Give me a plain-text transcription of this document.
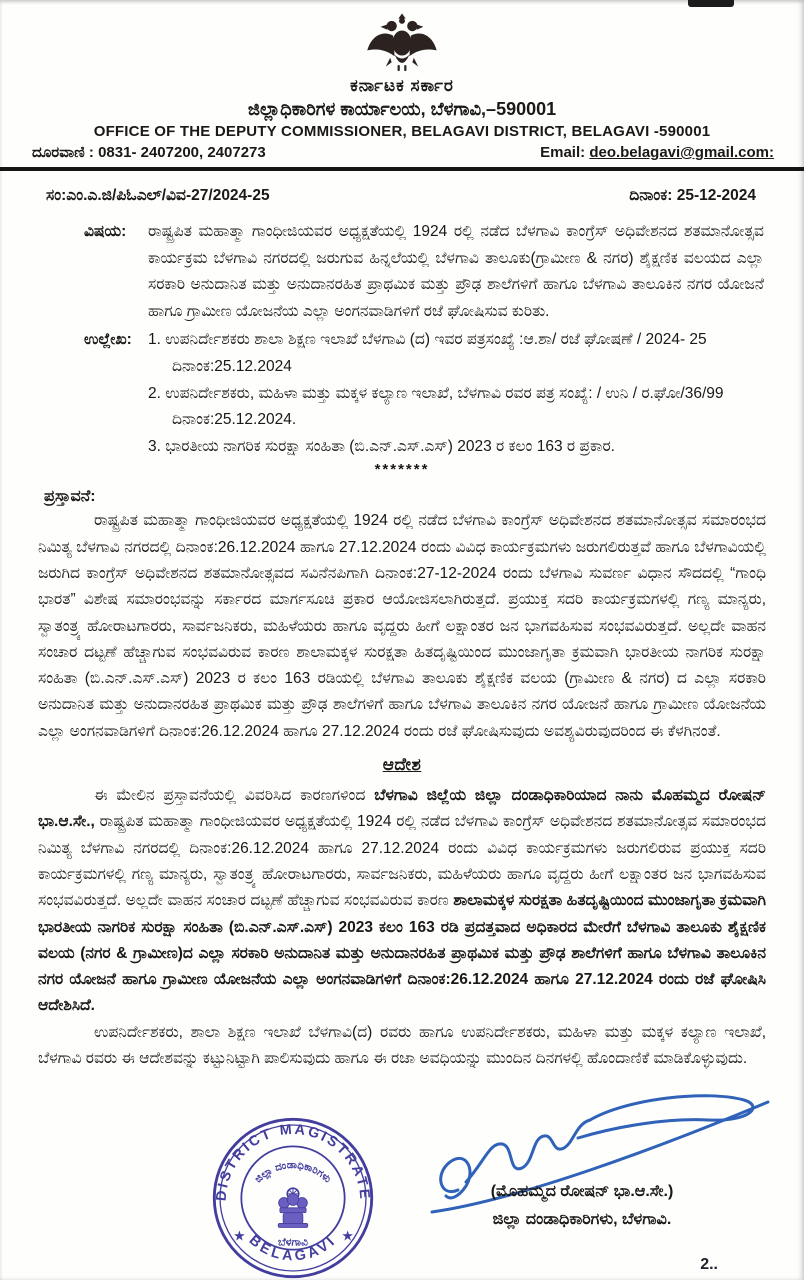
ಕರ್ನಾಟಕ ಸರ್ಕಾರ
ಜಿಲ್ಲಾಧಿಕಾರಿಗಳ ಕಾರ್ಯಾಲಯ, ಬೆಳಗಾವಿ,–590001
OFFICE OF THE DEPUTY COMMISSIONER, BELAGAVI DISTRICT, BELAGAVI -590001
ದೂರವಾಣಿ : 0831- 2407200, 2407273	Email: deo.belagavi@gmail.com:
ಸಂ:ಎಂ.ಎ.ಜಿ/ಪಿಓಎಲ್/ವಿವ-27/2024-25	ದಿನಾಂಕ: 25-12-2024
ವಿಷಯ:	ರಾಷ್ಟ್ರಪಿತ ಮಹಾತ್ಮಾ ಗಾಂಧೀಜಿಯವರ ಅಧ್ಯಕ್ಷತೆಯಲ್ಲಿ 1924 ರಲ್ಲಿ ನಡೆದ ಬೆಳಗಾವಿ ಕಾಂಗ್ರೆಸ್ ಅಧಿವೇಶನದ ಶತಮಾನೋತ್ಸವ ಕಾರ್ಯಕ್ರಮ ಬೆಳಗಾವಿ ನಗರದಲ್ಲಿ ಜರುಗುವ ಹಿನ್ನಲೆಯಲ್ಲಿ ಬೆಳಗಾವಿ ತಾಲೂಕು(ಗ್ರಾಮೀಣ & ನಗರ) ಶೈಕ್ಷಣಿಕ ವಲಯದ ಎಲ್ಲಾ ಸರಕಾರಿ ಅನುದಾನಿತ ಮತ್ತು ಅನುದಾನರಹಿತ ಪ್ರಾಥಮಿಕ ಮತ್ತು ಪ್ರೌಢ ಶಾಲೆಗಳಿಗೆ ಹಾಗೂ ಬೆಳಗಾವಿ ತಾಲೂಕಿನ ನಗರ ಯೋಜನೆ ಹಾಗೂ ಗ್ರಾಮೀಣ ಯೋಜನೆಯ ಎಲ್ಲಾ ಅಂಗನವಾಡಿಗಳಿಗೆ ರಜೆ ಘೋಷಿಸುವ ಕುರಿತು.
ಉಲ್ಲೇಖ:	1. ಉಪನಿರ್ದೇಶಕರು ಶಾಲಾ ಶಿಕ್ಷಣ ಇಲಾಖೆ ಬೆಳಗಾವಿ (ದ) ಇವರ ಪತ್ರಸಂಖ್ಯೆ :ಆ.ಶಾ/ ರಜೆ ಘೋಷಣೆ / 2024- 25 ದಿನಾಂಕ:25.12.2024
2. ಉಪನಿರ್ದೇಶಕರು, ಮಹಿಳಾ ಮತ್ತು ಮಕ್ಕಳ ಕಲ್ಯಾಣ ಇಲಾಖೆ, ಬೆಳಗಾವಿ ರವರ ಪತ್ರ ಸಂಖ್ಯೆ: / ಉನಿ / ರ.ಘೋ/36/99 ದಿನಾಂಕ:25.12.2024.
3. ಭಾರತೀಯ ನಾಗರಿಕ ಸುರಕ್ಷಾ ಸಂಹಿತಾ (ಬಿ.ಎನ್.ಎಸ್.ಎಸ್) 2023 ರ ಕಲಂ 163 ರ ಪ್ರಕಾರ.
*******
ಪ್ರಸ್ತಾವನೆ:
ರಾಷ್ಟ್ರಪಿತ ಮಹಾತ್ಮಾ ಗಾಂಧೀಜಿಯವರ ಅಧ್ಯಕ್ಷತೆಯಲ್ಲಿ 1924 ರಲ್ಲಿ ನಡೆದ ಬೆಳಗಾವಿ ಕಾಂಗ್ರೆಸ್ ಅಧಿವೇಶನದ ಶತಮಾನೋತ್ಸವ ಸಮಾರಂಭದ ನಿಮಿತ್ಯ ಬೆಳಗಾವಿ ನಗರದಲ್ಲಿ ದಿನಾಂಕ:26.12.2024 ಹಾಗೂ 27.12.2024 ರಂದು ವಿವಿಧ ಕಾರ್ಯಕ್ರಮಗಳು ಜರುಗಲಿರುತ್ತವೆ ಹಾಗೂ ಬೆಳಗಾವಿಯಲ್ಲಿ ಜರುಗಿದ ಕಾಂಗ್ರೆಸ್ ಅಧಿವೇಶನದ ಶತಮಾನೋತ್ಸವದ ಸವಿನೆನಪಿಗಾಗಿ ದಿನಾಂಕ:27-12-2024 ರಂದು ಬೆಳಗಾವಿ ಸುವರ್ಣ ವಿಧಾನ ಸೌದದಲ್ಲಿ “ಗಾಂಧಿ ಭಾರತ” ವಿಶೇಷ ಸಮಾರಂಭವನ್ನು ಸರ್ಕಾರದ ಮಾರ್ಗಸೂಚಿ ಪ್ರಕಾರ ಆಯೋಜಿಸಲಾಗಿರುತ್ತದೆ. ಪ್ರಯುಕ್ತ ಸದರಿ ಕಾರ್ಯಕ್ರಮಗಳಲ್ಲಿ ಗಣ್ಯ ಮಾನ್ಯರು, ಸ್ವಾತಂತ್ರ್ಯ ಹೋರಾಟಗಾರರು, ಸಾರ್ವಜನಿಕರು, ಮಹಿಳೆಯರು ಹಾಗೂ ವೃದ್ದರು ಹೀಗೆ ಲಕ್ಷಾಂತರ ಜನ ಭಾಗವಹಿಸುವ ಸಂಭವವಿರುತ್ತದೆ. ಅಲ್ಲದೇ ವಾಹನ ಸಂಚಾರ ದಟ್ಟಣೆ ಹೆಚ್ಚಾಗುವ ಸಂಭವವಿರುವ ಕಾರಣ ಶಾಲಾಮಕ್ಕಳ ಸುರಕ್ಷತಾ ಹಿತದೃಷ್ಟಿಯಿಂದ ಮುಂಜಾಗೃತಾ ಕ್ರಮವಾಗಿ ಭಾರತೀಯ ನಾಗರಿಕ ಸುರಕ್ಷಾ ಸಂಹಿತಾ (ಬಿ.ಎನ್.ಎಸ್.ಎಸ್) 2023 ರ ಕಲಂ 163 ರಡಿಯಲ್ಲಿ ಬೆಳಗಾವಿ ತಾಲೂಕು ಶೈಕ್ಷಣಿಕ ವಲಯ (ಗ್ರಾಮೀಣ & ನಗರ) ದ ಎಲ್ಲಾ ಸರಕಾರಿ ಅನುದಾನಿತ ಮತ್ತು ಅನುದಾನರಹಿತ ಪ್ರಾಥಮಿಕ ಮತ್ತು ಪ್ರೌಢ ಶಾಲೆಗಳಿಗೆ ಹಾಗೂ ಬೆಳಗಾವಿ ತಾಲೂಕಿನ ನಗರ ಯೋಜನೆ ಹಾಗೂ ಗ್ರಾಮೀಣ ಯೋಜನೆಯ ಎಲ್ಲಾ ಅಂಗನವಾಡಿಗಳಿಗೆ ದಿನಾಂಕ:26.12.2024 ಹಾಗೂ 27.12.2024 ರಂದು ರಜೆ ಘೋಷಿಸುವುದು ಅವಶ್ಯವಿರುವುದರಿಂದ ಈ ಕೆಳಗಿನಂತೆ.
ಆದೇಶ
ಈ ಮೇಲಿನ ಪ್ರಸ್ತಾವನೆಯಲ್ಲಿ ವಿವರಿಸಿದ ಕಾರಣಗಳಿಂದ ಬೆಳಗಾವಿ ಜಿಲ್ಲೆಯ ಜಿಲ್ಲಾ ದಂಡಾಧಿಕಾರಿಯಾದ ನಾನು ಮೊಹಮ್ಮದ ರೋಷನ್ ಭಾ.ಆ.ಸೇ., ರಾಷ್ಟ್ರಪಿತ ಮಹಾತ್ಮಾ ಗಾಂಧೀಜಿಯವರ ಅಧ್ಯಕ್ಷತೆಯಲ್ಲಿ 1924 ರಲ್ಲಿ ನಡೆದ ಬೆಳಗಾವಿ ಕಾಂಗ್ರೆಸ್ ಅಧಿವೇಶನದ ಶತಮಾನೋತ್ಸವ ಸಮಾರಂಭದ ನಿಮಿತ್ಯ ಬೆಳಗಾವಿ ನಗರದಲ್ಲಿ ದಿನಾಂಕ:26.12.2024 ಹಾಗೂ 27.12.2024 ರಂದು ವಿವಿಧ ಕಾರ್ಯಕ್ರಮಗಳು ಜರುಗಲಿರುವ ಪ್ರಯುಕ್ತ ಸದರಿ ಕಾರ್ಯಕ್ರಮಗಳಲ್ಲಿ ಗಣ್ಯ ಮಾನ್ಯರು, ಸ್ವಾತಂತ್ರ್ಯ ಹೋರಾಟಗಾರರು, ಸಾರ್ವಜನಿಕರು, ಮಹಿಳೆಯರು ಹಾಗೂ ವೃದ್ದರು ಹೀಗೆ ಲಕ್ಷಾಂತರ ಜನ ಭಾಗವಹಿಸುವ ಸಂಭವವಿರುತ್ತದೆ. ಅಲ್ಲದೇ ವಾಹನ ಸಂಚಾರ ದಟ್ಟಣೆ ಹೆಚ್ಚಾಗುವ ಸಂಭವವಿರುವ ಕಾರಣ ಶಾಲಾಮಕ್ಕಳ ಸುರಕ್ಷತಾ ಹಿತದೃಷ್ಟಿಯಿಂದ ಮುಂಜಾಗೃತಾ ಕ್ರಮವಾಗಿ ಭಾರತೀಯ ನಾಗರಿಕ ಸುರಕ್ಷಾ ಸಂಹಿತಾ (ಬಿ.ಎನ್.ಎಸ್.ಎಸ್) 2023 ಕಲಂ 163 ರಡಿ ಪ್ರದತ್ತವಾದ ಅಧಿಕಾರದ ಮೇರೆಗೆ ಬೆಳಗಾವಿ ತಾಲೂಕು ಶೈಕ್ಷಣಿಕ ವಲಯ (ನಗರ & ಗ್ರಾಮೀಣ)ದ ಎಲ್ಲಾ ಸರಕಾರಿ ಅನುದಾನಿತ ಮತ್ತು ಅನುದಾನರಹಿತ ಪ್ರಾಥಮಿಕ ಮತ್ತು ಪ್ರೌಢ ಶಾಲೆಗಳಿಗೆ ಹಾಗೂ ಬೆಳಗಾವಿ ತಾಲೂಕಿನ ನಗರ ಯೋಜನೆ ಹಾಗೂ ಗ್ರಾಮೀಣ ಯೋಜನೆಯ ಎಲ್ಲಾ ಅಂಗನವಾಡಿಗಳಿಗೆ ದಿನಾಂಕ:26.12.2024 ಹಾಗೂ 27.12.2024 ರಂದು ರಜೆ ಘೋಷಿಸಿ ಆದೇಶಿಸಿದೆ.
ಉಪನಿರ್ದೇಶಕರು, ಶಾಲಾ ಶಿಕ್ಷಣ ಇಲಾಖೆ ಬೆಳಗಾವಿ(ದ) ರವರು ಹಾಗೂ ಉಪನಿರ್ದೇಶಕರು, ಮಹಿಳಾ ಮತ್ತು ಮಕ್ಕಳ ಕಲ್ಯಾಣ ಇಲಾಖೆ, ಬೆಳಗಾವಿ ರವರು ಈ ಆದೇಶವನ್ನು ಕಟ್ಟುನಿಟ್ಟಾಗಿ ಪಾಲಿಸುವುದು ಹಾಗೂ ಈ ರಜಾ ಅವಧಿಯನ್ನು ಮುಂದಿನ ದಿನಗಳಲ್ಲಿ ಹೊಂದಾಣಿಕೆ ಮಾಡಿಕೊಳ್ಳುವುದು.
DISTRICT MAGISTRATE
BELAGAVI
ಜಿಲ್ಲಾ ದಂಡಾಧಿಕಾರಿಗಳು
★	★
ಬೆಳಗಾವಿ
(ಮೊಹಮ್ಮದ ರೋಷನ್ ಭಾ.ಆ.ಸೇ.)
ಜಿಲ್ಲಾ ದಂಡಾಧಿಕಾರಿಗಳು, ಬೆಳಗಾವಿ.
2..
